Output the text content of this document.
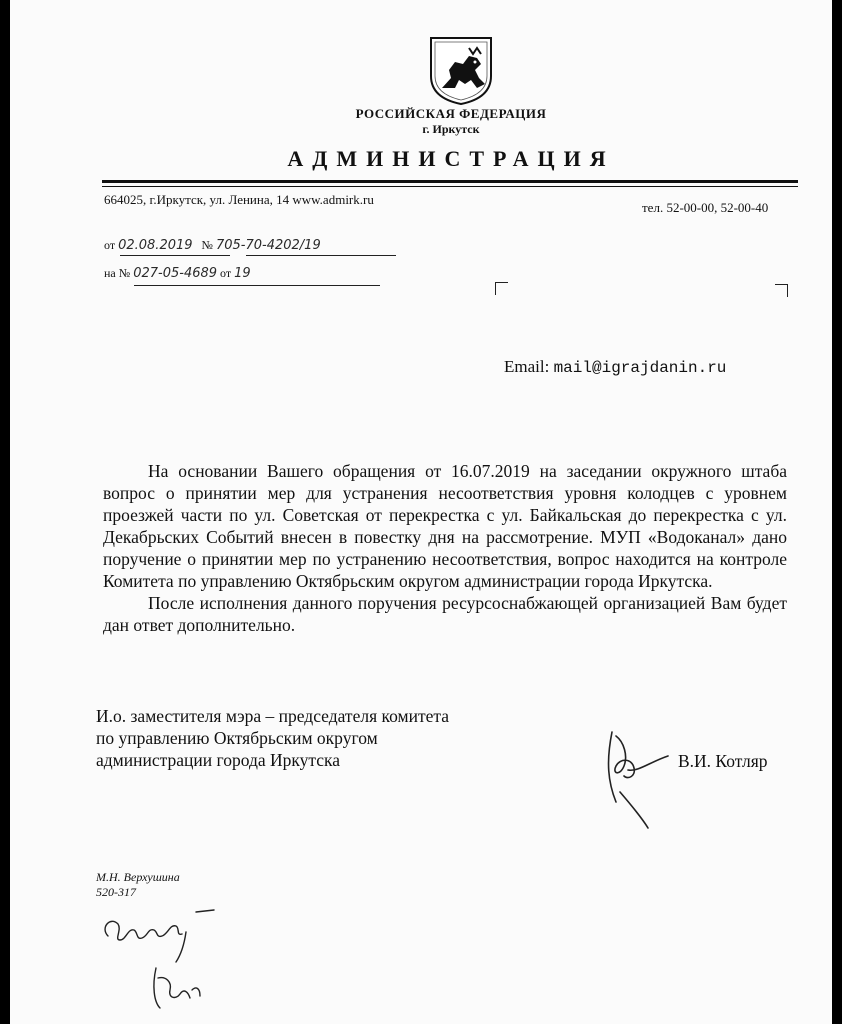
РОССИЙСКАЯ ФЕДЕРАЦИЯ
г. Иркутск
АДМИНИСТРАЦИЯ
664025, г.Иркутск, ул. Ленина, 14 www.admirk.ru
тел. 52-00-00, 52-00-40
от 02.08.2019 № 705-70-4202/19
на № 027-05-4689 от 19
Email: mail@igrajdanin.ru

На основании Вашего обращения от 16.07.2019 на заседании окружного штаба вопрос о принятии мер для устранения несоответствия уровня колодцев с уровнем проезжей части по ул. Советская от перекрестка с ул. Байкальская до перекрестка с ул. Декабрьских Событий внесен в повестку дня на рассмотрение. МУП «Водоканал» дано поручение о принятии мер по устранению несоответствия, вопрос находится на контроле Комитета по управлению Октябрьским округом администрации города Иркутска.

После исполнения данного поручения ресурсоснабжающей организацией Вам будет дан ответ дополнительно.

И.о. заместителя мэра – председателя комитета
по управлению Октябрьским округом
администрации города Иркутска	В.И. Котляр
М.Н. Верхушина
520-317
